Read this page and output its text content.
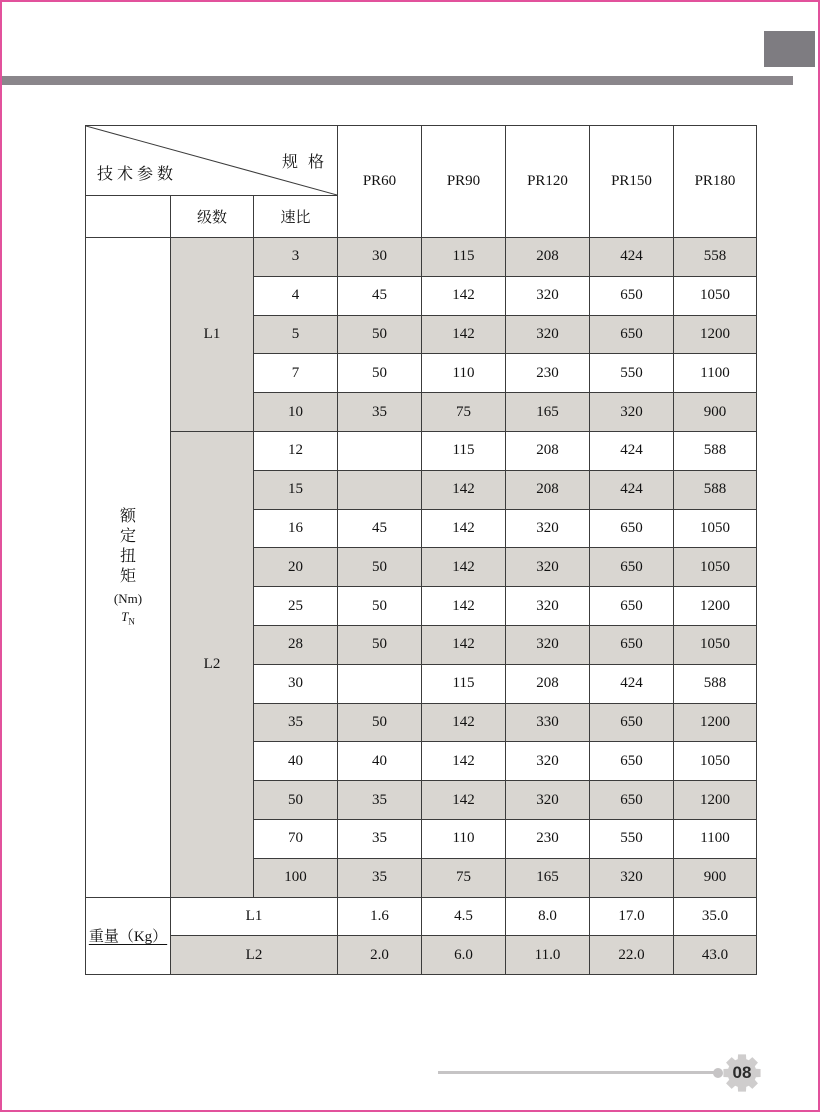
规 格
技术参数			PR60	PR90	PR120	PR150	PR180
	级数	速比					

额定扭矩
(Nm)
$T_N$	L1	3	30	115	208	424	558
		4	45	142	320	650	1050
		5	50	142	320	650	1200
		7	50	110	230	550	1100
		10	35	75	165	320	900
	L2	12		115	208	424	588
		15		142	208	424	588
		16	45	142	320	650	1050
		20	50	142	320	650	1050
		25	50	142	320	650	1200
		28	50	142	320	650	1050
		30		115	208	424	588
		35	50	142	330	650	1200
		40	40	142	320	650	1050
		50	35	142	320	650	1200
		70	35	110	230	550	1100
		100	35	75	165	320	900
重量（Kg）	L1		1.6	4.5	8.0	17.0	35.0
	L2		2.0	6.0	11.0	22.0	43.0
08
